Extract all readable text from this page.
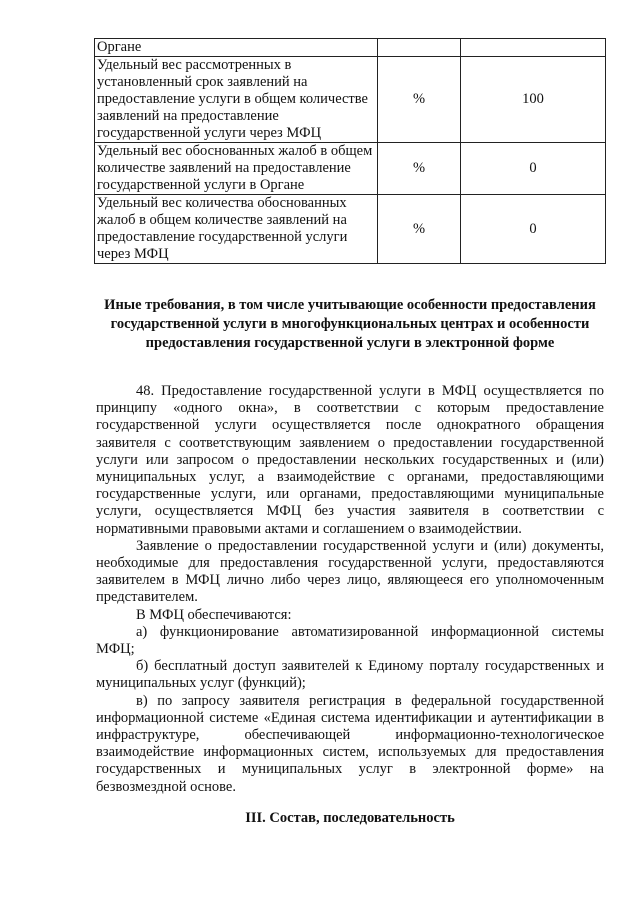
Органе		
Удельный вес рассмотренных в установленный срок заявлений на предоставление услуги в общем количестве заявлений на предоставление государственной услуги через МФЦ	%	100
Удельный вес обоснованных жалоб в общем количестве заявлений на предоставление государственной услуги в Органе	%	0
Удельный вес количества обоснованных жалоб в общем количестве заявлений на предоставление государственной услуги через МФЦ	%	0
Иные требования, в том числе учитывающие особенности предоставления государственной услуги в многофункциональных центрах и особенности предоставления государственной услуги в электронной форме

48. Предоставление государственной услуги в МФЦ осуществляется по принципу «одного окна», в соответствии с которым предоставление государственной услуги осуществляется после однократного обращения заявителя с соответствующим заявлением о предоставлении государственной услуги или запросом о предоставлении нескольких государственных и (или) муниципальных услуг, а взаимодействие с органами, предоставляющими государственные услуги, или органами, предоставляющими муниципальные услуги, осуществляется МФЦ без участия заявителя в соответствии с нормативными правовыми актами и соглашением о взаимодействии.

Заявление о предоставлении государственной услуги и (или) документы, необходимые для предоставления государственной услуги, предоставляются заявителем в МФЦ лично либо через лицо, являющееся его уполномоченным представителем.

В МФЦ обеспечиваются:

а) функционирование автоматизированной информационной системы МФЦ;

б) бесплатный доступ заявителей к Единому порталу государственных и муниципальных услуг (функций);

в) по запросу заявителя регистрация в федеральной государственной информационной системе «Единая система идентификации и аутентификации в инфраструктуре, обеспечивающей информационно-технологическое взаимодействие информационных систем, используемых для предоставления государственных и муниципальных услуг в электронной форме» на безвозмездной основе.

III. Состав, последовательность
